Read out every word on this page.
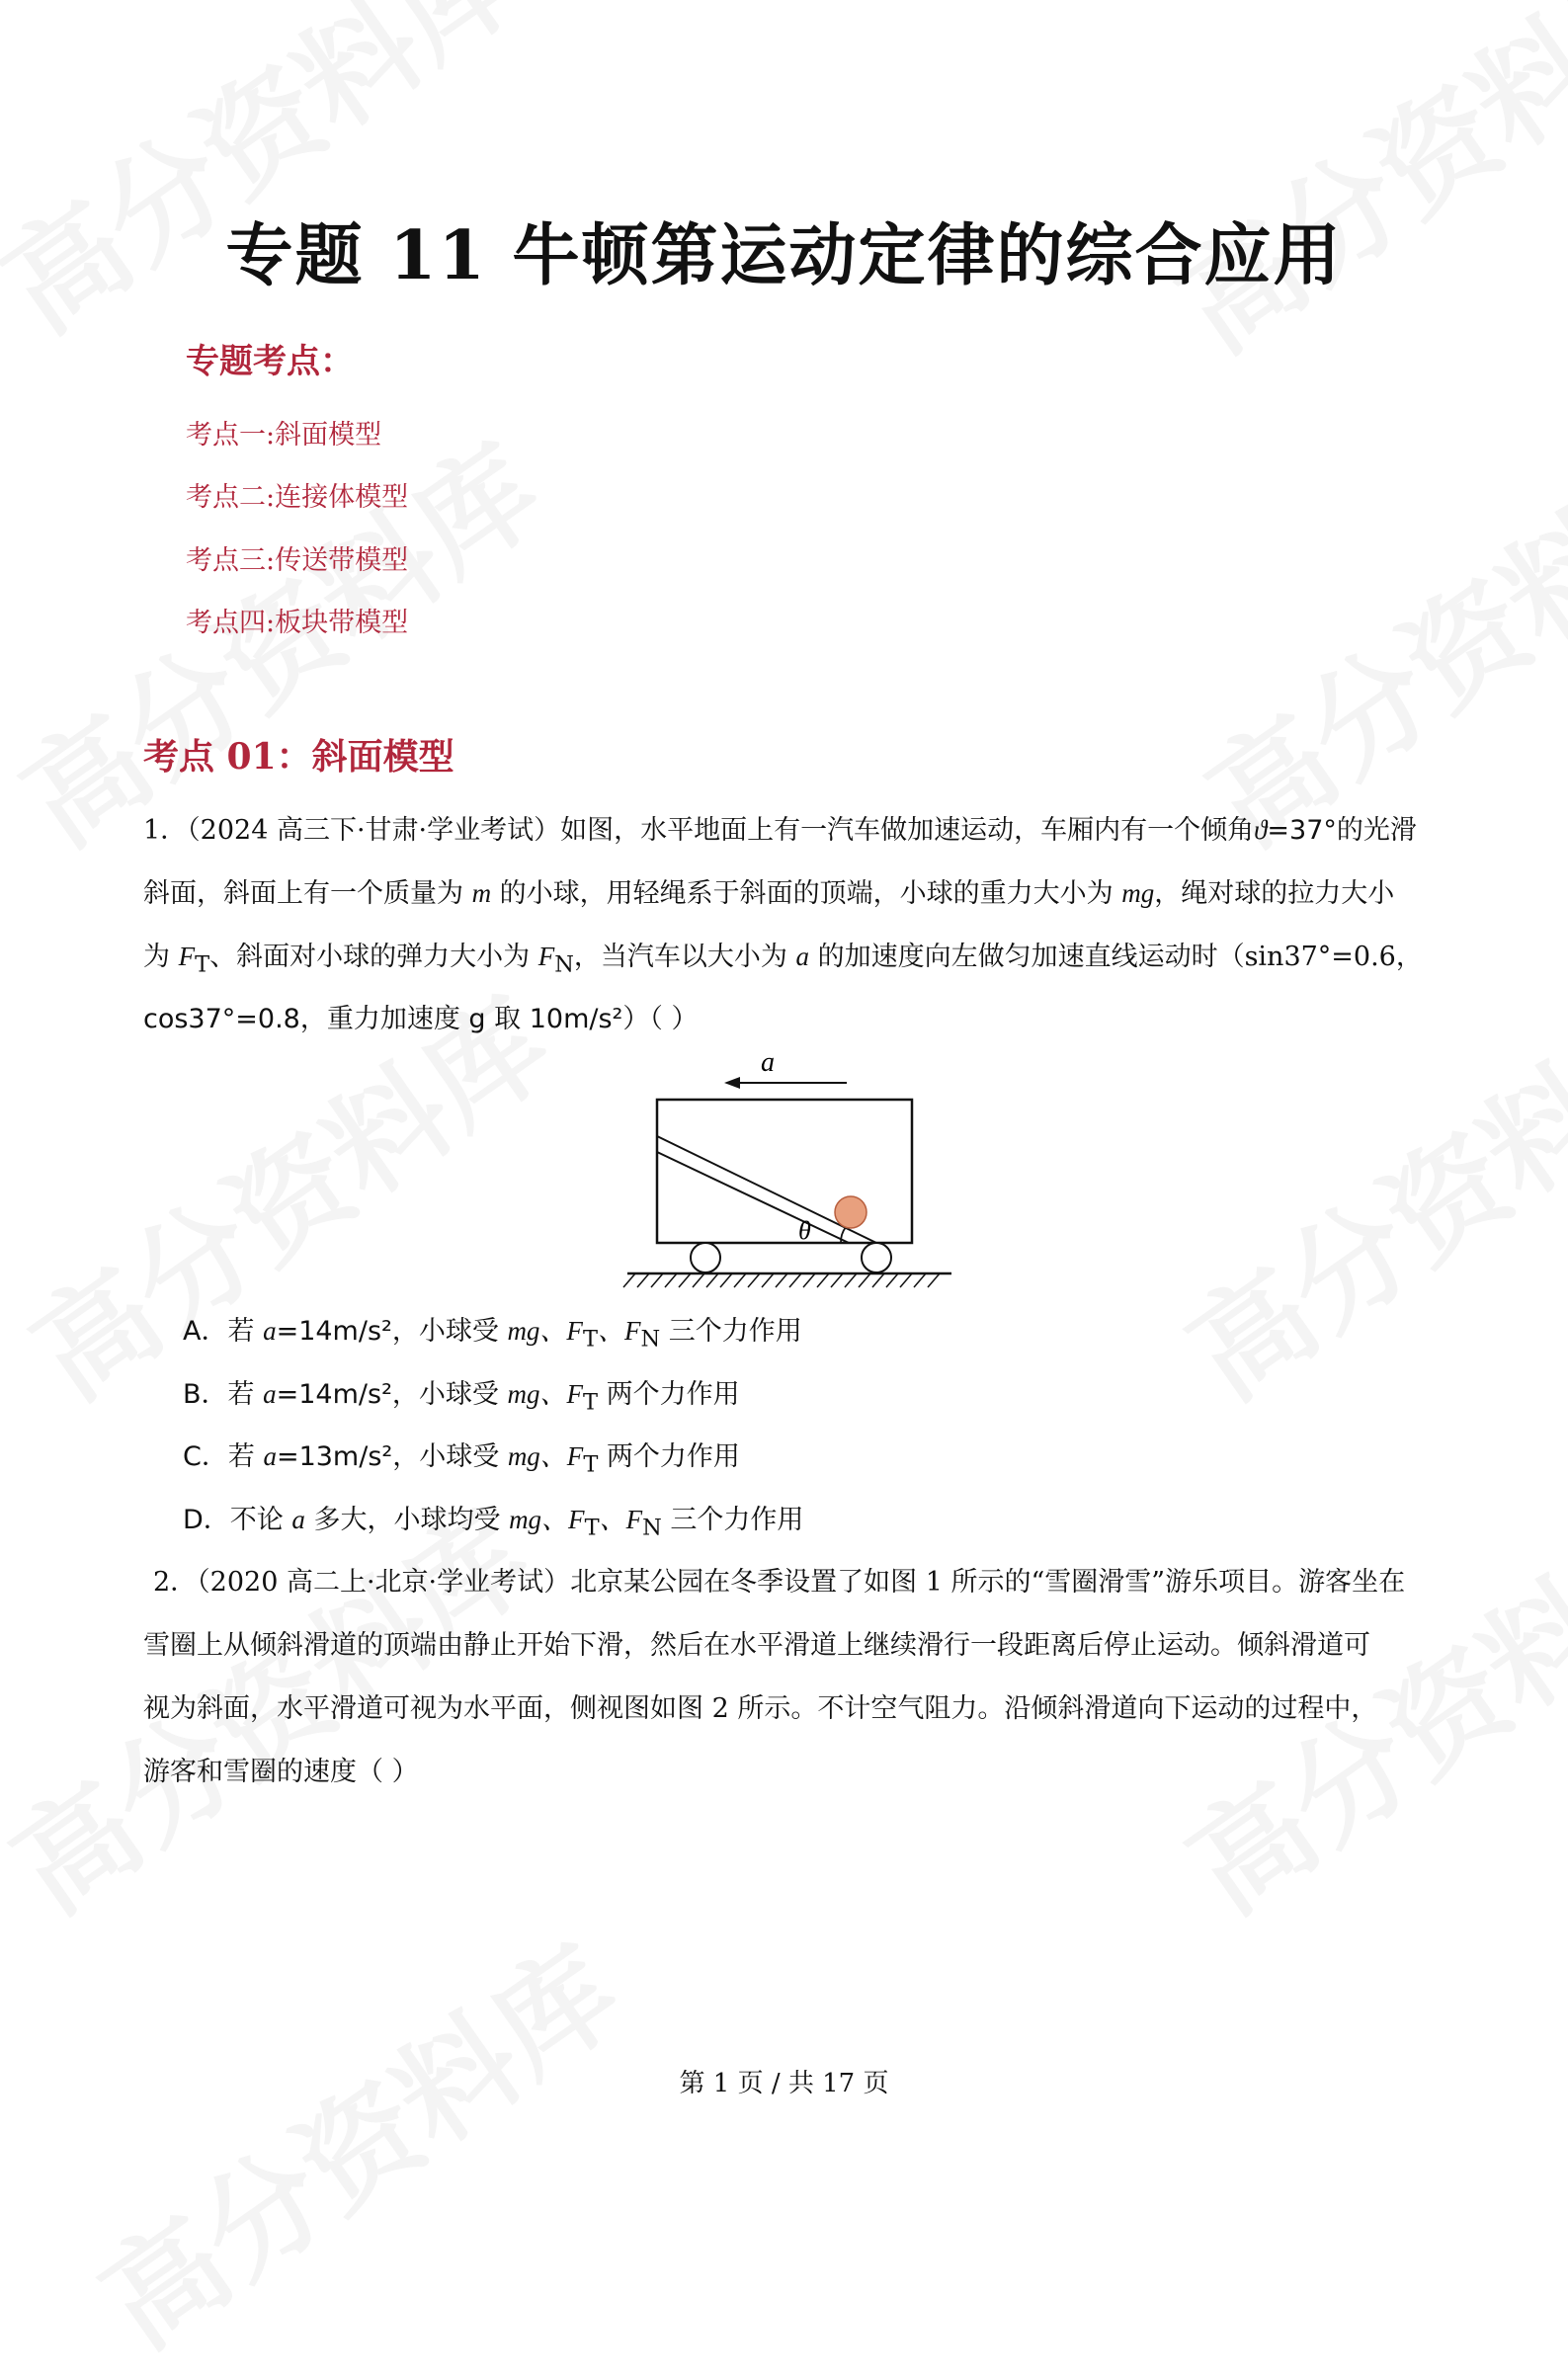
专题 11 牛顿第运动定律的综合应用
专题考点：
考点一:斜面模型
考点二:连接体模型
考点三:传送带模型
考点四:板块带模型
考点 01：斜面模型
1．（2024 高三下·甘肃·学业考试）如图，水平地面上有一汽车做加速运动，车厢内有一个倾角ϑ=37°的光滑
斜面，斜面上有一个质量为 m 的小球，用轻绳系于斜面的顶端，小球的重力大小为 mg，绳对球的拉力大小
为 $F_T$、斜面对小球的弹力大小为 $F_N$，当汽车以大小为 a 的加速度向左做匀加速直线运动时（sin37°=0.6，
cos37°=0.8，重力加速度 g 取 10m/s²）（ ）
a
θ
A．若 a=14m/s²，小球受 mg、$F_T$、$F_N$ 三个力作用
B．若 a=14m/s²，小球受 mg、$F_T$ 两个力作用
C．若 a=13m/s²，小球受 mg、$F_T$ 两个力作用
D．不论 a 多大，小球均受 mg、$F_T$、$F_N$ 三个力作用
2．（2020 高二上·北京·学业考试）北京某公园在冬季设置了如图 1 所示的“雪圈滑雪”游乐项目。游客坐在
雪圈上从倾斜滑道的顶端由静止开始下滑，然后在水平滑道上继续滑行一段距离后停止运动。倾斜滑道可
视为斜面，水平滑道可视为水平面，侧视图如图 2 所示。不计空气阻力。沿倾斜滑道向下运动的过程中，
游客和雪圈的速度（ ）
第 1 页 / 共 17 页
